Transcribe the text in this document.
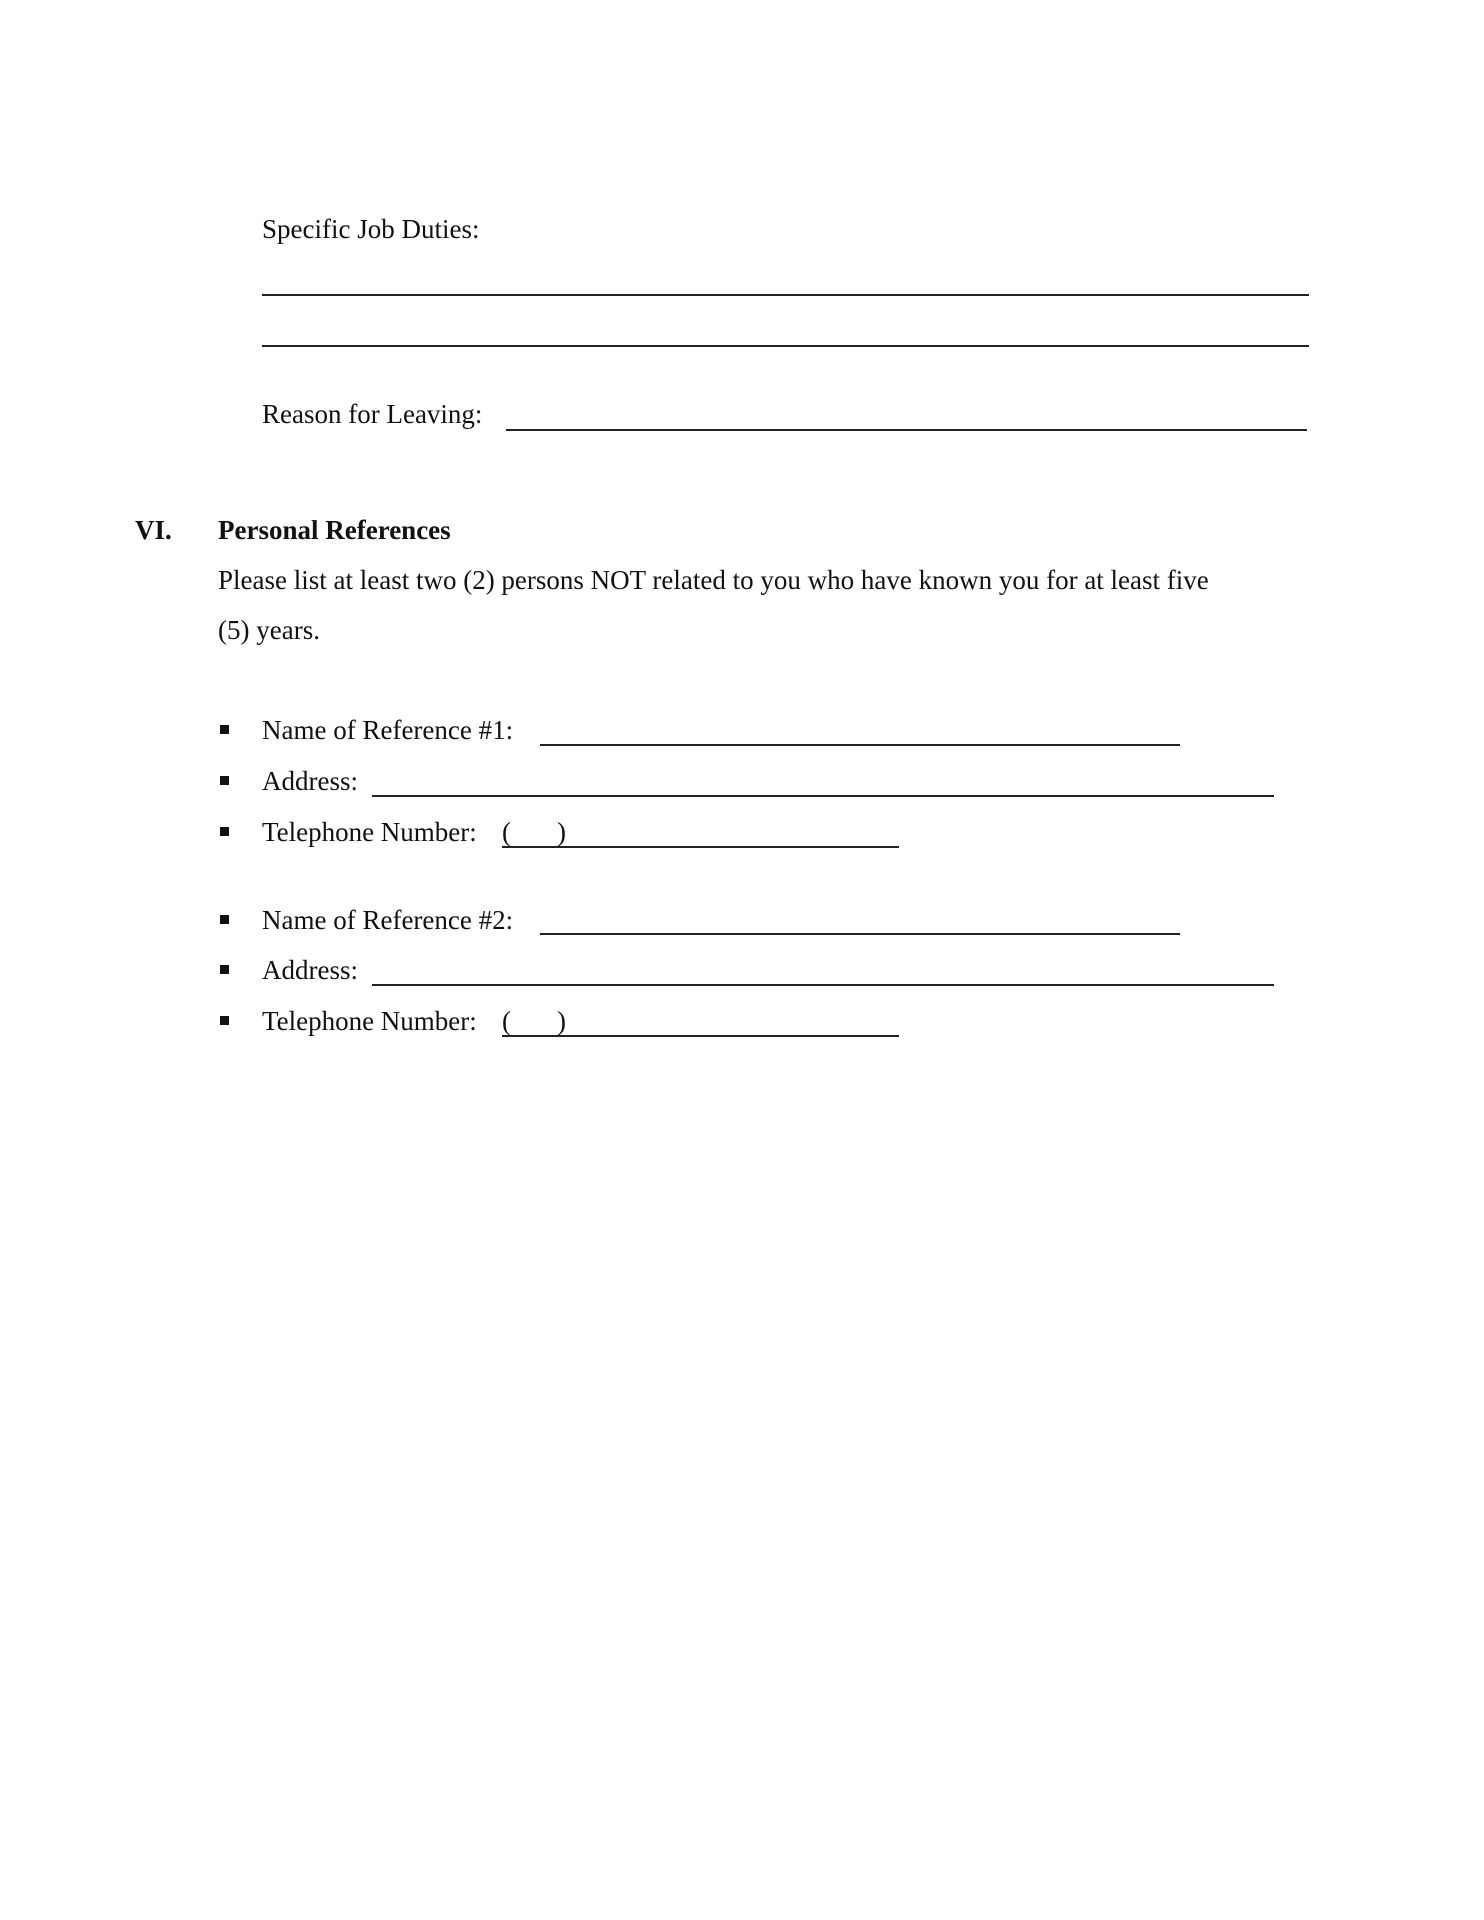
Specific Job Duties:
Reason for Leaving:
VI. Personal References
Please list at least two (2) persons NOT related to you who have known you for at least five
(5) years.
Name of Reference #1:
Address:
Telephone Number: ( )
Name of Reference #2:
Address:
Telephone Number: ( )
